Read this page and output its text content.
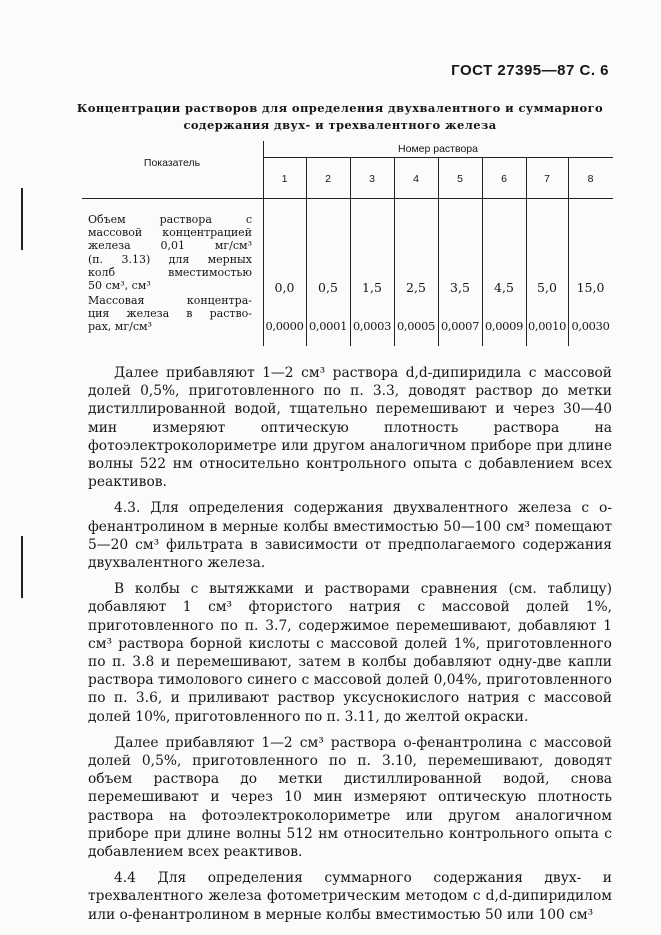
ГОСТ 27395—87 С. 6
Концентрации растворов для определения двухвалентного и суммарного
содержания двух- и трехвалентного железа
Показатель
Номер раствора
1	2	3	4	5	6	7	8
Объем раствора с
массовой концентрацией
железа 0,01 мг/см³
(п. 3.13) для мерных
колб вместимостью
50 см³, см³
Массовая концентра-
ция железа в раство-
рах, мг/см³
0,0	0,5	1,5	2,5	3,5	4,5	5,0	15,0
0,0000 0,0001 0,0003 0,0005 0,0007 0,0009 0,0010 0,0030

Далее прибавляют 1—2 см³ раствора d,d-дипиридила с массовой долей 0,5%, приготовленного по п. 3.3, доводят раствор до метки дистиллированной водой, тщательно перемешивают и через 30—40 мин измеряют оптическую плотность раствора на фотоэлектроколориметре или другом аналогичном приборе при длине волны 522 нм относительно контрольного опыта с добавлением всех реактивов.

4.3. Для определения содержания двухвалентного железа с о-фенантролином в мерные колбы вместимостью 50—100 см³ помещают 5—20 см³ фильтрата в зависимости от предполагаемого содержания двухвалентного железа.

В колбы с вытяжками и растворами сравнения (см. таблицу) добавляют 1 см³ фтористого натрия с массовой долей 1%, приготовленного по п. 3.7, содержимое перемешивают, добавляют 1 см³ раствора борной кислоты с массовой долей 1%, приготовленного по п. 3.8 и перемешивают, затем в колбы добавляют одну-две капли раствора тимолового синего с массовой долей 0,04%, приготовленного по п. 3.6, и приливают раствор уксуснокислого натрия с массовой долей 10%, приготовленного по п. 3.11, до желтой окраски.

Далее прибавляют 1—2 см³ раствора о-фенантролина с массовой долей 0,5%, приготовленного по п. 3.10, перемешивают, доводят объем раствора до метки дистиллированной водой, снова перемешивают и через 10 мин измеряют оптическую плотность раствора на фотоэлектроколориметре или другом аналогичном приборе при длине волны 512 нм относительно контрольного опыта с добавлением всех реактивов.

4.4 Для определения суммарного содержания двух- и трехвалентного железа фотометрическим методом с d,d-дипиридилом или о-фенантролином в мерные колбы вместимостью 50 или 100 см³
